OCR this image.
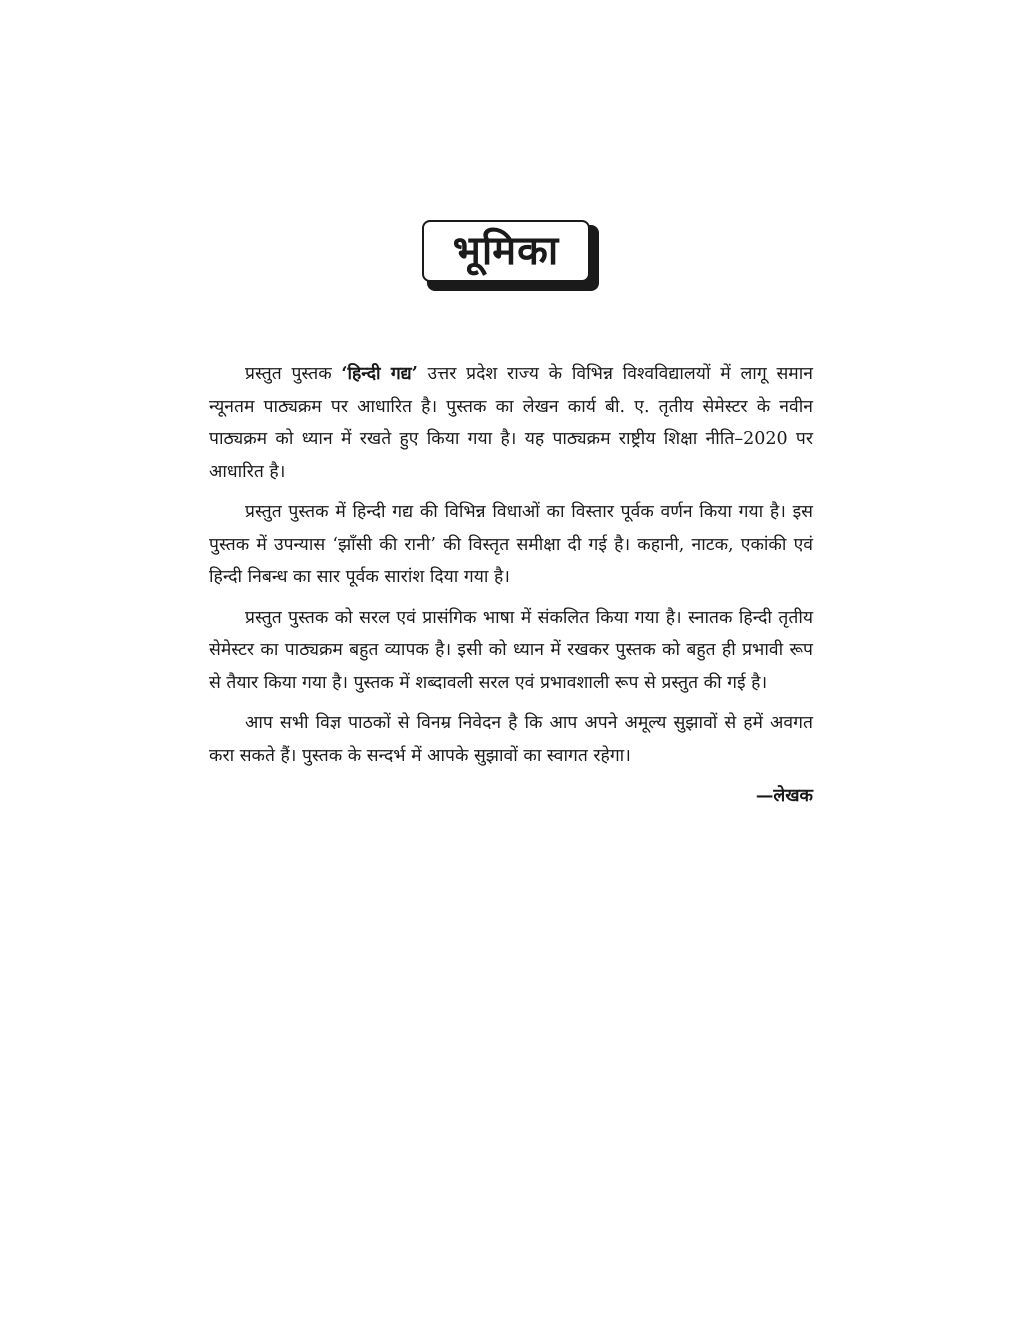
भूमिका

प्रस्तुत पुस्तक ‘हिन्दी गद्य’ उत्तर प्रदेश राज्य के विभिन्न विश्वविद्यालयों में लागू समान न्यूनतम पाठ्यक्रम पर आधारित है। पुस्तक का लेखन कार्य बी. ए. तृतीय सेमेस्टर के नवीन पाठ्यक्रम को ध्यान में रखते हुए किया गया है। यह पाठ्यक्रम राष्ट्रीय शिक्षा नीति–2020 पर आधारित है।

प्रस्तुत पुस्तक में हिन्दी गद्य की विभिन्न विधाओं का विस्तार पूर्वक वर्णन किया गया है। इस पुस्तक में उपन्यास ‘झाँसी की रानी’ की विस्तृत समीक्षा दी गई है। कहानी, नाटक, एकांकी एवं हिन्दी निबन्ध का सार पूर्वक सारांश दिया गया है।

प्रस्तुत पुस्तक को सरल एवं प्रासंगिक भाषा में संकलित किया गया है। स्नातक हिन्दी तृतीय सेमेस्टर का पाठ्यक्रम बहुत व्यापक है। इसी को ध्यान में रखकर पुस्तक को बहुत ही प्रभावी रूप से तैयार किया गया है। पुस्तक में शब्दावली सरल एवं प्रभावशाली रूप से प्रस्तुत की गई है।

आप सभी विज्ञ पाठकों से विनम्र निवेदन है कि आप अपने अमूल्य सुझावों से हमें अवगत करा सकते हैं। पुस्तक के सन्दर्भ में आपके सुझावों का स्वागत रहेगा।

—लेखक
